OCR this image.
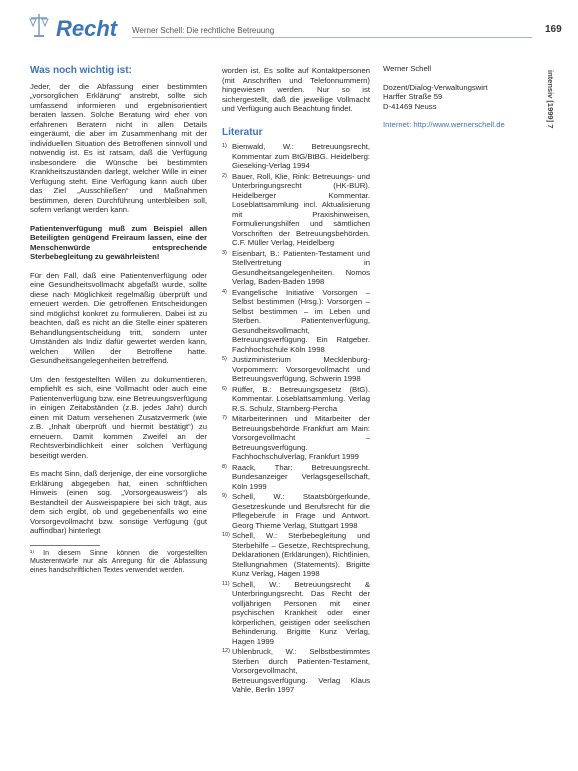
Recht Werner Schell: Die rechtliche Betreuung	169
intensiv [1999] 7
Was noch wichtig ist:

Jeder, der die Abfassung einer bestimmten „vorsorglichen Erklärung“ anstrebt, sollte sich umfassend informieren und ergebnisorientiert beraten lassen. Solche Beratung wird eher von erfahrenen Beratern nicht in allen Details eingeräumt, die aber im Zusammenhang mit der individuellen Situation des Betroffenen sinnvoll und notwendig ist. Es ist ratsam, daß die Verfügung insbesondere die Wünsche bei bestimmten Krankheitszuständen darlegt, welcher Wille in einer Verfügung steht. Eine Verfügung kann auch über das Ziel „Ausschließen“ und Maßnahmen bestimmen, deren Durchführung unterbleiben soll, sofern verlangt werden kann.

Patientenverfügung muß zum Beispiel allen Beteiligten genügend Freiraum lassen, eine der Menschenwürde entsprechende Sterbebegleitung zu gewährleisten!

Für den Fall, daß eine Patientenverfügung oder eine Gesundheitsvollmacht abgefaßt wurde, sollte diese nach Möglichkeit regelmäßig überprüft und erneuert werden. Die getroffenen Entscheidungen sind möglichst konkret zu formulieren. Dabei ist zu beachten, daß es nicht an die Stelle einer späteren Behandlungsentscheidung tritt, sondern unter Umständen als Indiz dafür gewertet werden kann, welchen Willen der Betroffene hatte. Gesundheitsangelegenheiten betreffend.

Um den festgestellten Willen zu dokumentieren, empfiehlt es sich, eine Vollmacht oder auch eine Patientenverfügung bzw. eine Betreuungsverfügung in einigen Zeitabständen (z.B. jedes Jahr) durch einen mit Datum versehenen Zusatzvermerk (wie z.B. „Inhalt überprüft und hiermit bestätigt“) zu erneuern. Damit kommen Zweifel an der Rechtsverbindlichkeit einer solchen Verfügung beseitigt werden.

Es macht Sinn, daß derjenige, der eine vorsorgliche Erklärung abgegeben hat, einen schriftlichen Hinweis (einen sog. „Vorsorgeausweis“) als Bestandteil der Ausweispapiere bei sich trägt, aus dem sich ergibt, ob und gegebenenfalls wo eine Vorsorgevollmacht bzw. sonstige Verfügung (gut auffindbar) hinterlegt

¹⁾ In diesem Sinne können die vorgestellten Musterentwürfe nur als Anregung für die Abfassung eines handschriftlichen Textes verwendet werden.

worden ist. Es sollte auf Kontaktpersonen (mit Anschriften und Telefonnummern) hingewiesen werden. Nur so ist sichergestellt, daß die jeweilige Vollmacht und Verfügung auch Beachtung findet.

Literatur
1) Bienwald, W.: Betreuungsrecht, Kommentar zum BtG/BtBG. Heidelberg: Gieseking-Verlag 1994
2) Bauer, Roll, Klie, Rink: Betreuungs- und Unterbringungsrecht (HK-BUR). Heidelberger Kommentar. Loseblattsammlung incl. Aktualisierung mit Praxishinweisen, Formulierungshilfen und sämtlichen Vorschriften der Betreuungsbehörden. C.F. Müller Verlag, Heidelberg
3) Eisenbart, B.: Patienten-Testament und Stellvertretung in Gesundheitsangelegenheiten. Nomos Verlag, Baden-Baden 1998
4) Evangelische Initiative Vorsorgen – Selbst bestimmen (Hrsg.): Vorsorgen – Selbst bestimmen – im Leben und Sterben. Patientenverfügung, Gesundheitsvollmacht, Betreuungsverfügung. Ein Ratgeber. Fachhochschule Köln 1998
5) Justizministerium Mecklenburg-Vorpommern: Vorsorgevollmacht und Betreuungsverfügung, Schwerin 1998
6) Rüffer, B.: Betreuungsgesetz (BtG). Kommentar. Loseblattsammlung. Verlag R.S. Schulz, Starnberg-Percha
7) Mitarbeiterinnen und Mitarbeiter der Betreuungsbehörde Frankfurt am Main: Vorsorgevollmacht – Betreuungsverfügung. Fachhochschulverlag, Frankfurt 1999
8) Raack, Thar: Betreuungsrecht. Bundesanzeiger Verlagsgesellschaft, Köln 1999
9) Schell, W.: Staatsbürgerkunde, Gesetzeskunde und Berufsrecht für die Pflegeberufe in Frage und Antwort. Georg Thieme Verlag, Stuttgart 1998
10) Schell, W.: Sterbebegleitung und Sterbehilfe – Gesetze, Rechtsprechung, Deklarationen (Erklärungen), Richtlinien, Stellungnahmen (Statements). Brigitte Kunz Verlag, Hagen 1998
11) Schell, W.: Betreuungsrecht & Unterbringungsrecht. Das Recht der volljährigen Personen mit einer psychischen Krankheit oder einer körperlichen, geistigen oder seelischen Behinderung. Brigitte Kunz Verlag, Hagen 1999
12) Uhlenbruck, W.: Selbstbestimmtes Sterben durch Patienten-Testament, Vorsorgevollmacht, Betreuungsverfügung. Verlag Klaus Vahle, Berlin 1997

Werner Schell

Dozent/Dialog-Verwaltungswirt

Harffer Straße 59

D-41469 Neuss

Internet: http://www.wernerschell.de
